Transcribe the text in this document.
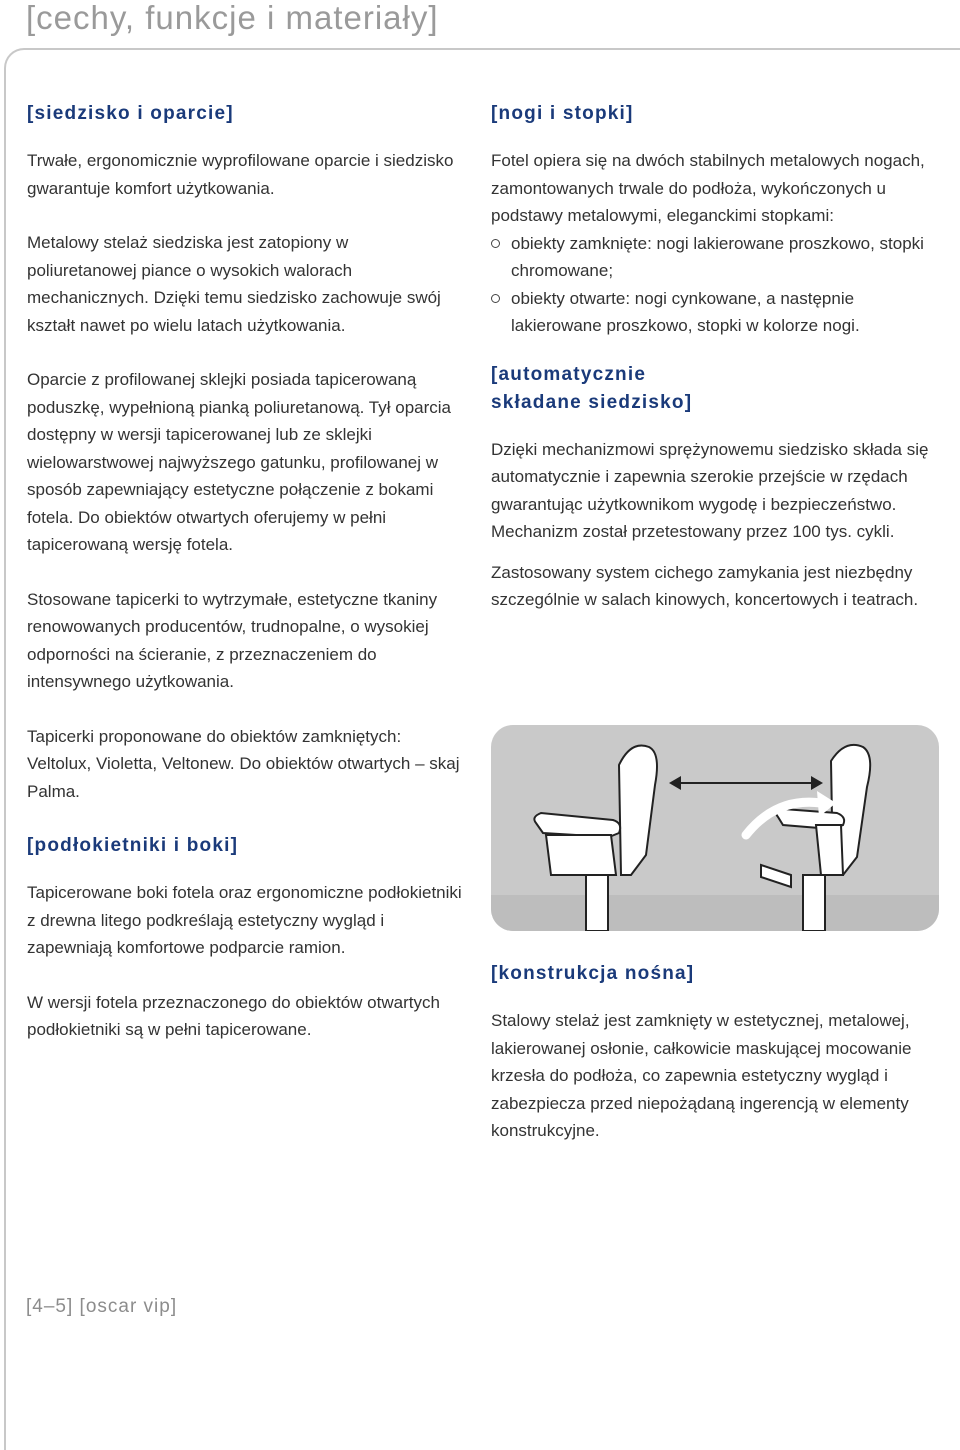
[cechy, funkcje i materiały]
[siedzisko i oparcie]

Trwałe, ergonomicznie wyprofilowane oparcie i siedzisko gwarantuje komfort użytkowania.

Metalowy stelaż siedziska jest zatopiony w poliuretanowej piance o wysokich walorach mechanicznych. Dzięki temu siedzisko zachowuje swój kształt nawet po wielu latach użytkowania.

Oparcie z profilowanej sklejki posiada tapicerowaną poduszkę, wypełnioną pianką poliuretanową. Tył oparcia dostępny w wersji tapicerowanej lub ze sklejki wielowarstwowej najwyższego gatunku, profilowanej w sposób zapewniający estetyczne połączenie z bokami fotela. Do obiektów otwartych oferujemy w pełni tapicerowaną wersję fotela.

Stosowane tapicerki to wytrzymałe, estetyczne tkaniny renowowanych producentów, trudnopalne, o wysokiej odporności na ścieranie, z przeznaczeniem do intensywnego użytkowania.

Tapicerki proponowane do obiektów zamkniętych: Veltolux, Violetta, Veltonew. Do obiektów otwartych – skaj Palma.

[podłokietniki i boki]

Tapicerowane boki fotela oraz ergonomiczne podłokietniki z drewna litego podkreślają estetyczny wygląd i zapewniają komfortowe podparcie ramion.

W wersji fotela przeznaczonego do obiektów otwartych podłokietniki są w pełni tapicerowane.

[nogi i stopki]

Fotel opiera się na dwóch stabilnych metalowych nogach, zamontowanych trwale do podłoża, wykończonych u podstawy metalowymi, eleganckimi stopkami:

obiekty zamknięte: nogi lakierowane proszkowo, stopki chromowane;
obiekty otwarte: nogi cynkowane, a następnie lakierowane proszkowo, stopki w kolorze nogi.
[automatycznie
składane siedzisko]

Dzięki mechanizmowi sprężynowemu siedzisko składa się automatycznie i zapewnia szerokie przejście w rzędach gwarantując użytkownikom wygodę i bezpieczeństwo. Mechanizm został przetestowany przez 100 tys. cykli.

Zastosowany system cichego zamykania jest niezbędny szczególnie w salach kinowych, koncertowych i teatrach.

[konstrukcja nośna]

Stalowy stelaż jest zamknięty w estetycznej, metalowej, lakierowanej osłonie, całkowicie maskującej mocowanie krzesła do podłoża, co zapewnia estetyczny wygląd i zabezpiecza przed niepożądaną ingerencją w elementy konstrukcyjne.

[4–5] [oscar vip]
